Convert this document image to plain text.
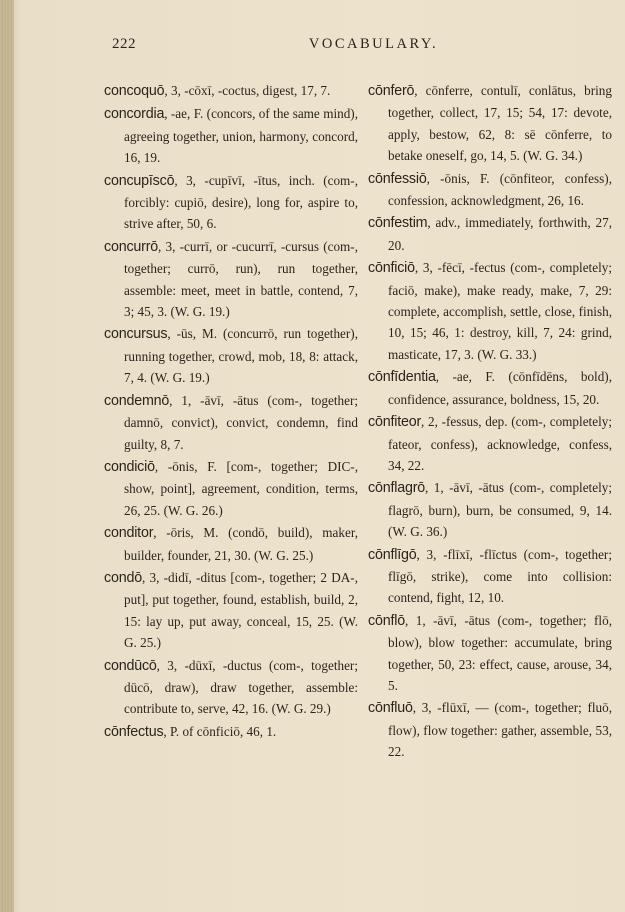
222	VOCABULARY.

concoquō, 3, -cōxī, -coctus, digest, 17, 7.

concordia, -ae, F. (concors, of the same mind), agreeing together, union, harmony, concord, 16, 19.

concupīscō, 3, -cupīvī, -ītus, inch. (com-, forcibly: cupiō, desire), long for, aspire to, strive after, 50, 6.

concurrō, 3, -currī, or -cucurrī, -cursus (com-, together; currō, run), run together, assemble: meet, meet in battle, contend, 7, 3; 45, 3. (W. G. 19.)

concursus, -ūs, M. (concurrō, run together), running together, crowd, mob, 18, 8: attack, 7, 4. (W. G. 19.)

condemnō, 1, -āvī, -ātus (com-, together; damnō, convict), convict, condemn, find guilty, 8, 7.

condiciō, -ōnis, F. [com-, together; DIC-, show, point], agreement, condition, terms, 26, 25. (W. G. 26.)

conditor, -ōris, M. (condō, build), maker, builder, founder, 21, 30. (W. G. 25.)

condō, 3, -didī, -ditus [com-, together; 2 DA-, put], put together, found, establish, build, 2, 15: lay up, put away, conceal, 15, 25. (W. G. 25.)

condūcō, 3, -dūxī, -ductus (com-, together; dūcō, draw), draw together, assemble: contribute to, serve, 42, 16. (W. G. 29.)

cōnfectus, P. of cōnficiō, 46, 1.

cōnferō, cōnferre, contulī, conlātus, bring together, collect, 17, 15; 54, 17: devote, apply, bestow, 62, 8: sē cōnferre, to betake oneself, go, 14, 5. (W. G. 34.)

cōnfessiō, -ōnis, F. (cōnfiteor, confess), confession, acknowledgment, 26, 16.

cōnfestim, adv., immediately, forthwith, 27, 20.

cōnficiō, 3, -fēcī, -fectus (com-, completely; faciō, make), make ready, make, 7, 29: complete, accomplish, settle, close, finish, 10, 15; 46, 1: destroy, kill, 7, 24: grind, masticate, 17, 3. (W. G. 33.)

cōnfīdentia, -ae, F. (cōnfīdēns, bold), confidence, assurance, boldness, 15, 20.

cōnfiteor, 2, -fessus, dep. (com-, completely; fateor, confess), acknowledge, confess, 34, 22.

cōnflagrō, 1, -āvī, -ātus (com-, completely; flagrō, burn), burn, be consumed, 9, 14. (W. G. 36.)

cōnflīgō, 3, -flīxī, -flīctus (com-, together; flīgō, strike), come into collision: contend, fight, 12, 10.

cōnflō, 1, -āvī, -ātus (com-, together; flō, blow), blow together: accumulate, bring together, 50, 23: effect, cause, arouse, 34, 5.

cōnfluō, 3, -flūxī, — (com-, together; fluō, flow), flow together: gather, assemble, 53, 22.
